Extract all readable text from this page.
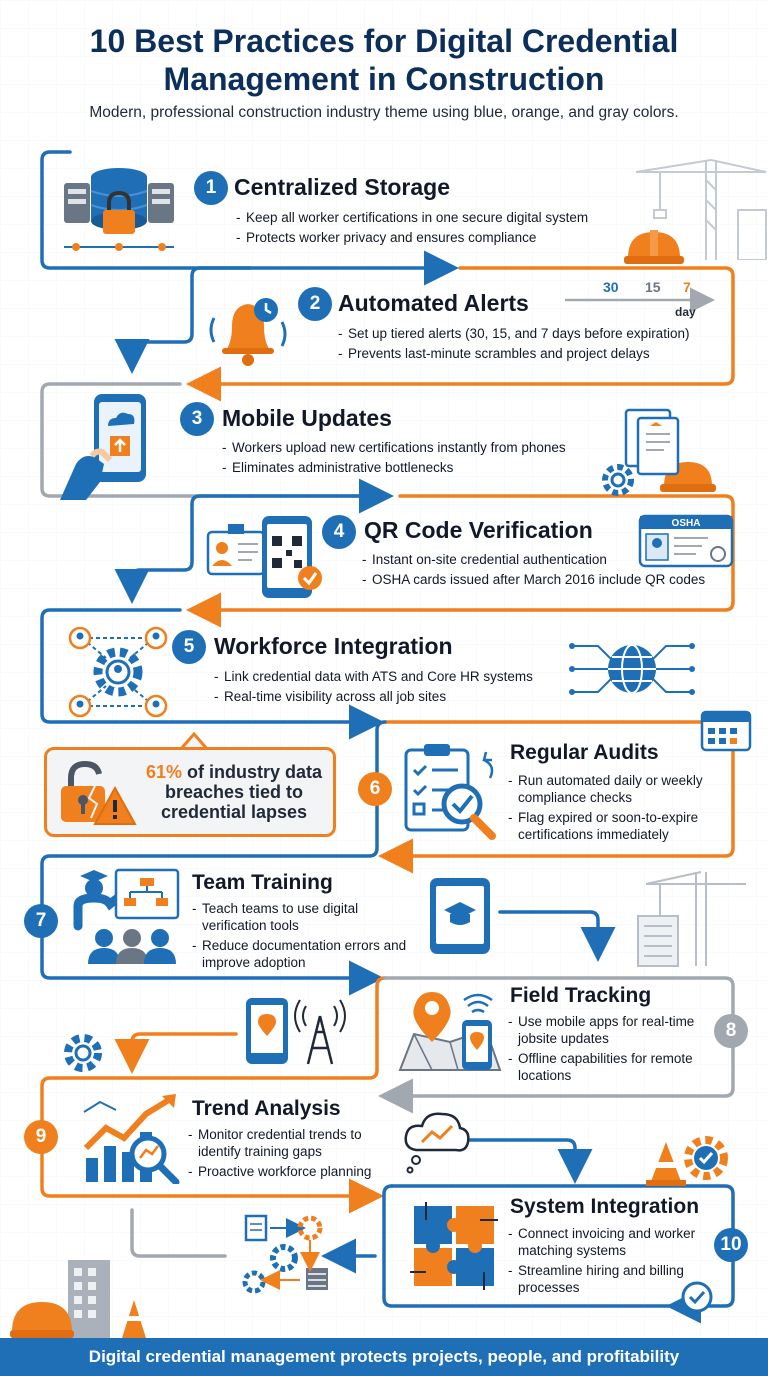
10 Best Practices for Digital Credential Management in Construction
Modern, professional construction industry theme using blue, orange, and gray colors.
1 Centralized Storage
- Keep all worker certifications in one secure digital system
- Protects worker privacy and ensures compliance
2 Automated Alerts
30 15 7
day
- Set up tiered alerts (30, 15, and 7 days before expiration)
- Prevents last-minute scrambles and project delays
3 Mobile Updates
- Workers upload new certifications instantly from phones
- Eliminates administrative bottlenecks
4 QR Code Verification
- Instant on-site credential authentication
- OSHA cards issued after March 2016 include QR codes
OSHA
5 Workforce Integration
- Link credential data with ATS and Core HR systems
- Real-time visibility across all job sites
61% of industry data breaches tied to credential lapses
6
Regular Audits
- Run automated daily or weekly compliance checks
- Flag expired or soon-to-expire certifications immediately
7
Team Training
- Teach teams to use digital verification tools
- Reduce documentation errors and improve adoption
Field Tracking
- Use mobile apps for real-time jobsite updates
- Offline capabilities for remote locations
8
9
Trend Analysis
- Monitor credential trends to identify training gaps
- Proactive workforce planning
System Integration
- Connect invoicing and worker matching systems
- Streamline hiring and billing processes
10
Digital credential management protects projects, people, and profitability
